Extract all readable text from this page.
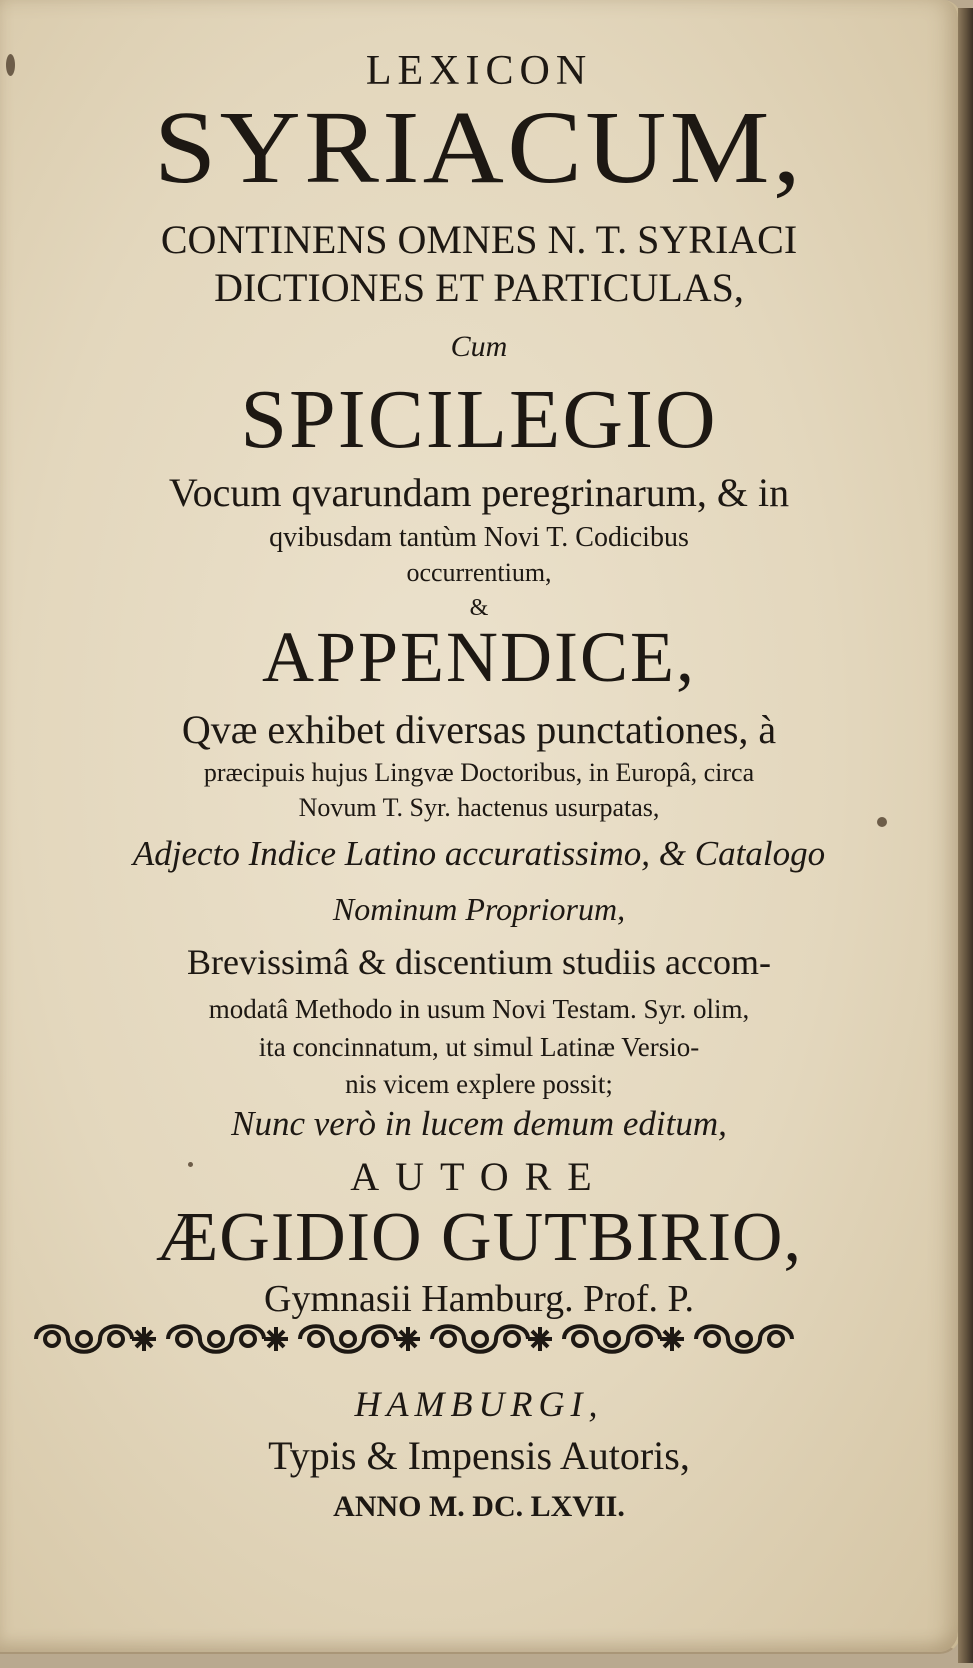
LEXICON
SYRIACUM,
CONTINENS OMNES N. T. SYRIACI
DICTIONES ET PARTICULAS,
Cum
SPICILEGIO
Vocum qvarundam peregrinarum, & in
qvibusdam tantùm Novi T. Codicibus
occurrentium,
&
APPENDICE,
Qvæ exhibet diversas punctationes, à
præcipuis hujus Lingvæ Doctoribus, in Europâ, circa
Novum T. Syr. hactenus usurpatas,
Adjecto Indice Latino accuratissimo, & Catalogo
Nominum Propriorum,
Brevissimâ & discentium studiis accom-
modatâ Methodo in usum Novi Testam. Syr. olim,
ita concinnatum, ut simul Latinæ Versio-
nis vicem explere possit;
Nunc verò in lucem demum editum,
AUTORE
ÆGIDIO GUTBIRIO,
Gymnasii Hamburg. Prof. P.
HAMBURGI,
Typis & Impensis Autoris,
ANNO M. DC. LXVII.
